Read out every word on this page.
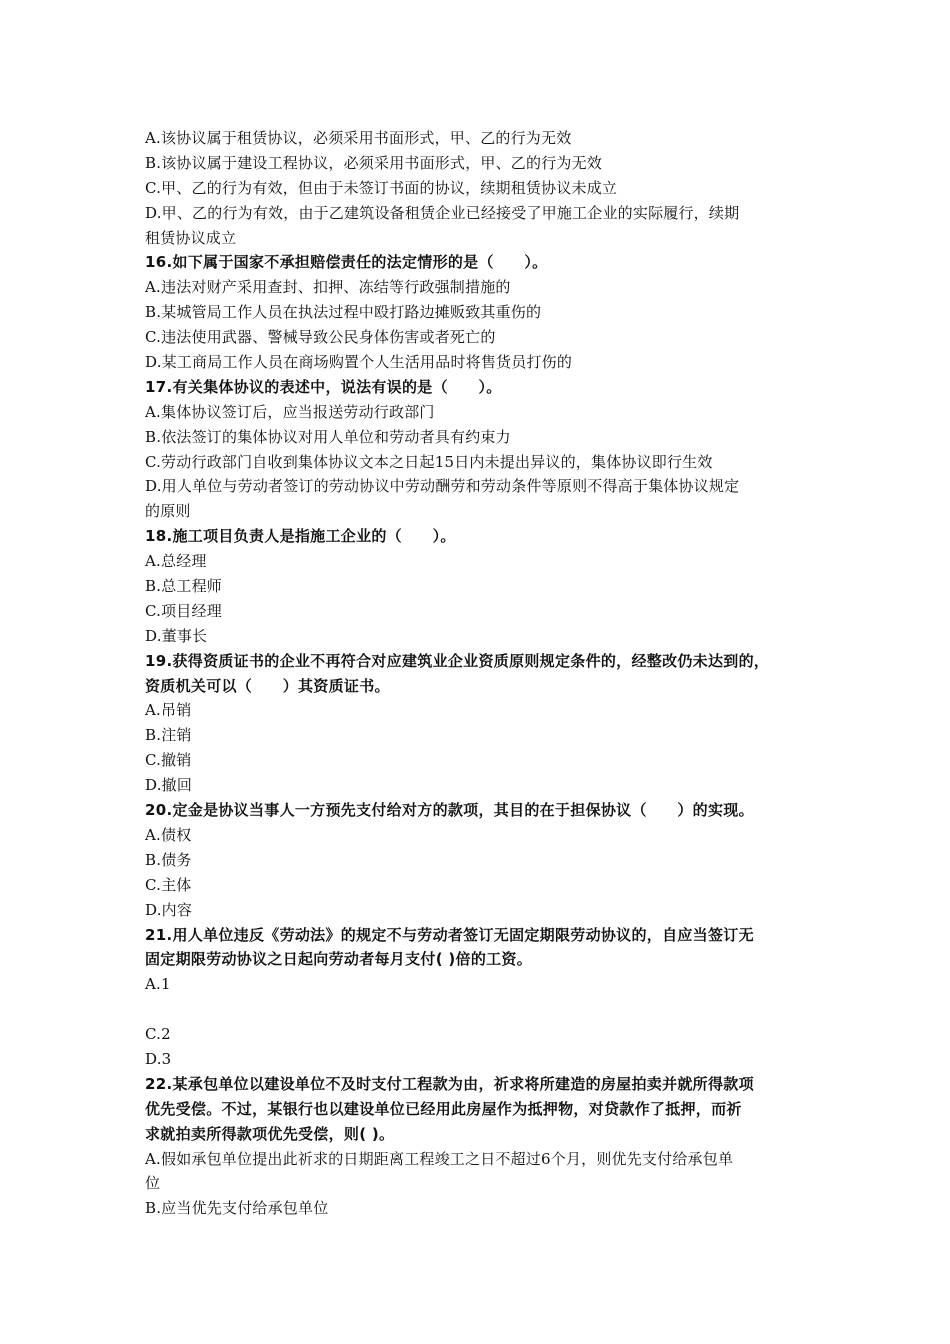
A.该协议属于租赁协议，必须采用书面形式，甲、乙的行为无效
B.该协议属于建设工程协议，必须采用书面形式，甲、乙的行为无效
C.甲、乙的行为有效，但由于未签订书面的协议，续期租赁协议未成立
D.甲、乙的行为有效，由于乙建筑设备租赁企业已经接受了甲施工企业的实际履行，续期
租赁协议成立
16.如下属于国家不承担赔偿责任的法定情形的是（　　）。
A.违法对财产采用查封、扣押、冻结等行政强制措施的
B.某城管局工作人员在执法过程中殴打路边摊贩致其重伤的
C.违法使用武器、警械导致公民身体伤害或者死亡的
D.某工商局工作人员在商场购置个人生活用品时将售货员打伤的
17.有关集体协议的表述中，说法有误的是（　　）。
A.集体协议签订后，应当报送劳动行政部门
B.依法签订的集体协议对用人单位和劳动者具有约束力
C.劳动行政部门自收到集体协议文本之日起15日内未提出异议的，集体协议即行生效
D.用人单位与劳动者签订的劳动协议中劳动酬劳和劳动条件等原则不得高于集体协议规定
的原则
18.施工项目负责人是指施工企业的（　　）。
A.总经理
B.总工程师
C.项目经理
D.董事长
19.获得资质证书的企业不再符合对应建筑业企业资质原则规定条件的，经整改仍未达到的，
资质机关可以（　　）其资质证书。
A.吊销
B.注销
C.撤销
D.撤回
20.定金是协议当事人一方预先支付给对方的款项，其目的在于担保协议（　　）的实现。
A.债权
B.债务
C.主体
D.内容
21.用人单位违反《劳动法》的规定不与劳动者签订无固定期限劳动协议的，自应当签订无
固定期限劳动协议之日起向劳动者每月支付( )倍的工资。
A.1
C.2
D.3
22.某承包单位以建设单位不及时支付工程款为由，祈求将所建造的房屋拍卖并就所得款项
优先受偿。不过，某银行也以建设单位已经用此房屋作为抵押物，对贷款作了抵押，而祈
求就拍卖所得款项优先受偿，则( )。
A.假如承包单位提出此祈求的日期距离工程竣工之日不超过6个月，则优先支付给承包单
位
B.应当优先支付给承包单位
